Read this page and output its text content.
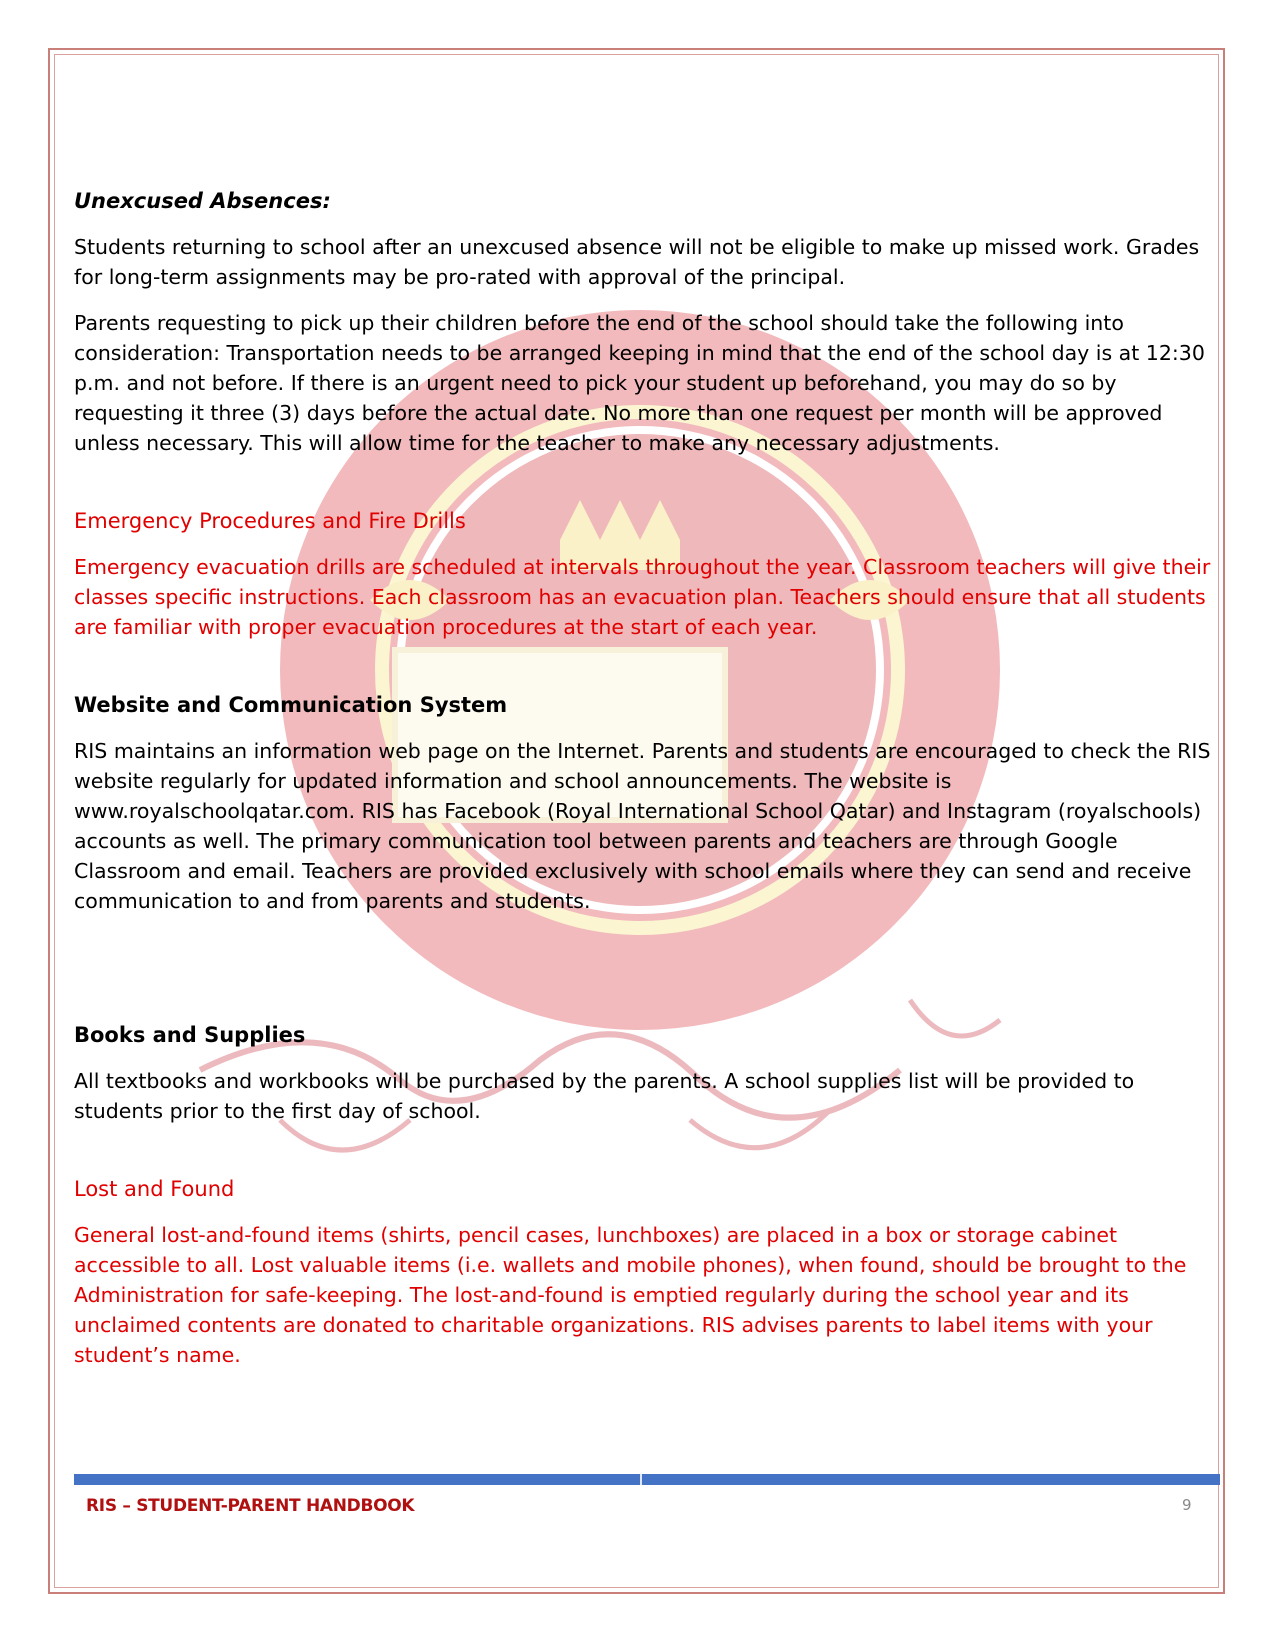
Unexcused Absences:

Students returning to school after an unexcused absence will not be eligible to make up missed work. Grades for long-term assignments may be pro-rated with approval of the principal.

Parents requesting to pick up their children before the end of the school should take the following into consideration: Transportation needs to be arranged keeping in mind that the end of the school day is at 12:30 p.m. and not before. If there is an urgent need to pick your student up beforehand, you may do so by requesting it three (3) days before the actual date. No more than one request per month will be approved unless necessary. This will allow time for the teacher to make any necessary adjustments.

Emergency Procedures and Fire Drills

Emergency evacuation drills are scheduled at intervals throughout the year. Classroom teachers will give their classes specific instructions. Each classroom has an evacuation plan. Teachers should ensure that all students are familiar with proper evacuation procedures at the start of each year.

Website and Communication System

RIS maintains an information web page on the Internet. Parents and students are encouraged to check the RIS website regularly for updated information and school announcements. The website is www.royalschoolqatar.com. RIS has Facebook (Royal International School Qatar) and Instagram (royalschools) accounts as well. The primary communication tool between parents and teachers are through Google Classroom and email. Teachers are provided exclusively with school emails where they can send and receive communication to and from parents and students.

Books and Supplies

All textbooks and workbooks will be purchased by the parents. A school supplies list will be provided to students prior to the first day of school.

Lost and Found

General lost-and-found items (shirts, pencil cases, lunchboxes) are placed in a box or storage cabinet accessible to all. Lost valuable items (i.e. wallets and mobile phones), when found, should be brought to the Administration for safe-keeping. The lost-and-found is emptied regularly during the school year and its unclaimed contents are donated to charitable organizations. RIS advises parents to label items with your student’s name.

RIS – STUDENT-PARENT HANDBOOK	9
